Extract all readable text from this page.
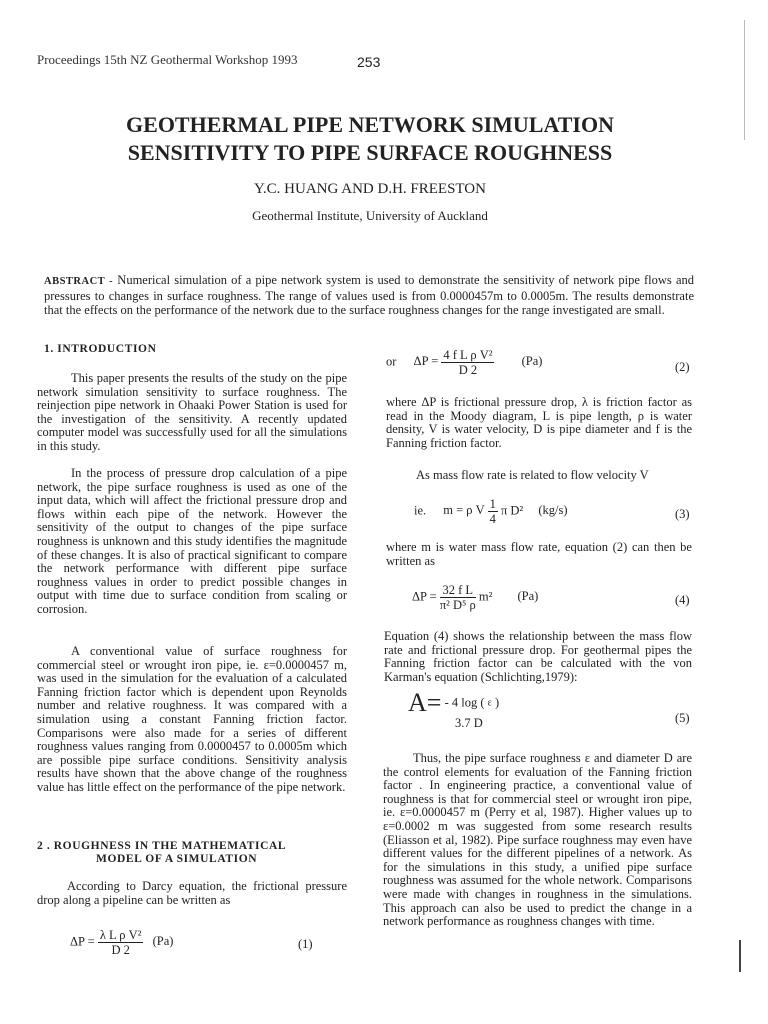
Proceedings 15th NZ Geothermal Workshop 1993	253
GEOTHERMAL PIPE NETWORK SIMULATION
SENSITIVITY TO PIPE SURFACE ROUGHNESS
Y.C. HUANG AND D.H. FREESTON
Geothermal Institute, University of Auckland
ABSTRACT - Numerical simulation of a pipe network system is used to demonstrate the sensitivity of network pipe flows and pressures to changes in surface roughness. The range of values used is from 0.0000457m to 0.0005m. The results demonstrate that the effects on the performance of the network due to the surface roughness changes for the range investigated are small.
1. INTRODUCTION

This paper presents the results of the study on the pipe network simulation sensitivity to surface roughness. The reinjection pipe network in Ohaaki Power Station is used for the investigation of the sensitivity. A recently updated computer model was successfully used for all the simulations in this study.

In the process of pressure drop calculation of a pipe network, the pipe surface roughness is used as one of the input data, which will affect the frictional pressure drop and flows within each pipe of the network. However the sensitivity of the output to changes of the pipe surface roughness is unknown and this study identifies the magnitude of these changes. It is also of practical significant to compare the network performance with different pipe surface roughness values in order to predict possible changes in output with time due to surface condition from scaling or corrosion.

A conventional value of surface roughness for commercial steel or wrought iron pipe, ie. ε=0.0000457 m, was used in the simulation for the evaluation of a calculated Fanning friction factor which is dependent upon Reynolds number and relative roughness. It was compared with a simulation using a constant Fanning friction factor. Comparisons were also made for a series of different roughness values ranging from 0.0000457 to 0.0005m which are possible pipe surface conditions. Sensitivity analysis results have shown that the above change of the roughness value has little effect on the performance of the pipe network.

2 . ROUGHNESS IN THE MATHEMATICAL
MODEL OF A SIMULATION

According to Darcy equation, the frictional pressure drop along a pipeline can be written as

$\Delta P = \frac{\text{λ L ρ V²}}{D 2} (Pa)$	(1)
or $\Delta P = \frac{\text{4 f L ρ V²}}{D 2} (Pa)$	(2)

where ΔP is frictional pressure drop, λ is friction factor as read in the Moody diagram, L is pipe length, ρ is water density, V is water velocity, D is pipe diameter and f is the Fanning friction factor.

As mass flow rate is related to flow velocity V

ie. m = ρ V $\frac{1}{4}$ π D² (kg/s)	(3)

where m is water mass flow rate, equation (2) can then be written as

$\Delta P = \frac{\text{32 f L}}{\text{π² D⁵ ρ}} m^2$ (Pa)	(4)

Equation (4) shows the relationship between the mass flow rate and frictional pressure drop. For geothermal pipes the Fanning friction factor can be calculated with the von Karman's equation (Schlichting,1979):

A= - 4 log ( ε )
3.7 D	(5)

Thus, the pipe surface roughness ε and diameter D are the control elements for evaluation of the Fanning friction factor . In engineering practice, a conventional value of roughness is that for commercial steel or wrought iron pipe, ie. ε=0.0000457 m (Perry et al, 1987). Higher values up to ε=0.0002 m was suggested from some research results (Eliasson et al, 1982). Pipe surface roughness may even have different values for the different pipelines of a network. As for the simulations in this study, a unified pipe surface roughness was assumed for the whole network. Comparisons were made with changes in roughness in the simulations. This approach can also be used to predict the change in a network performance as roughness changes with time.
